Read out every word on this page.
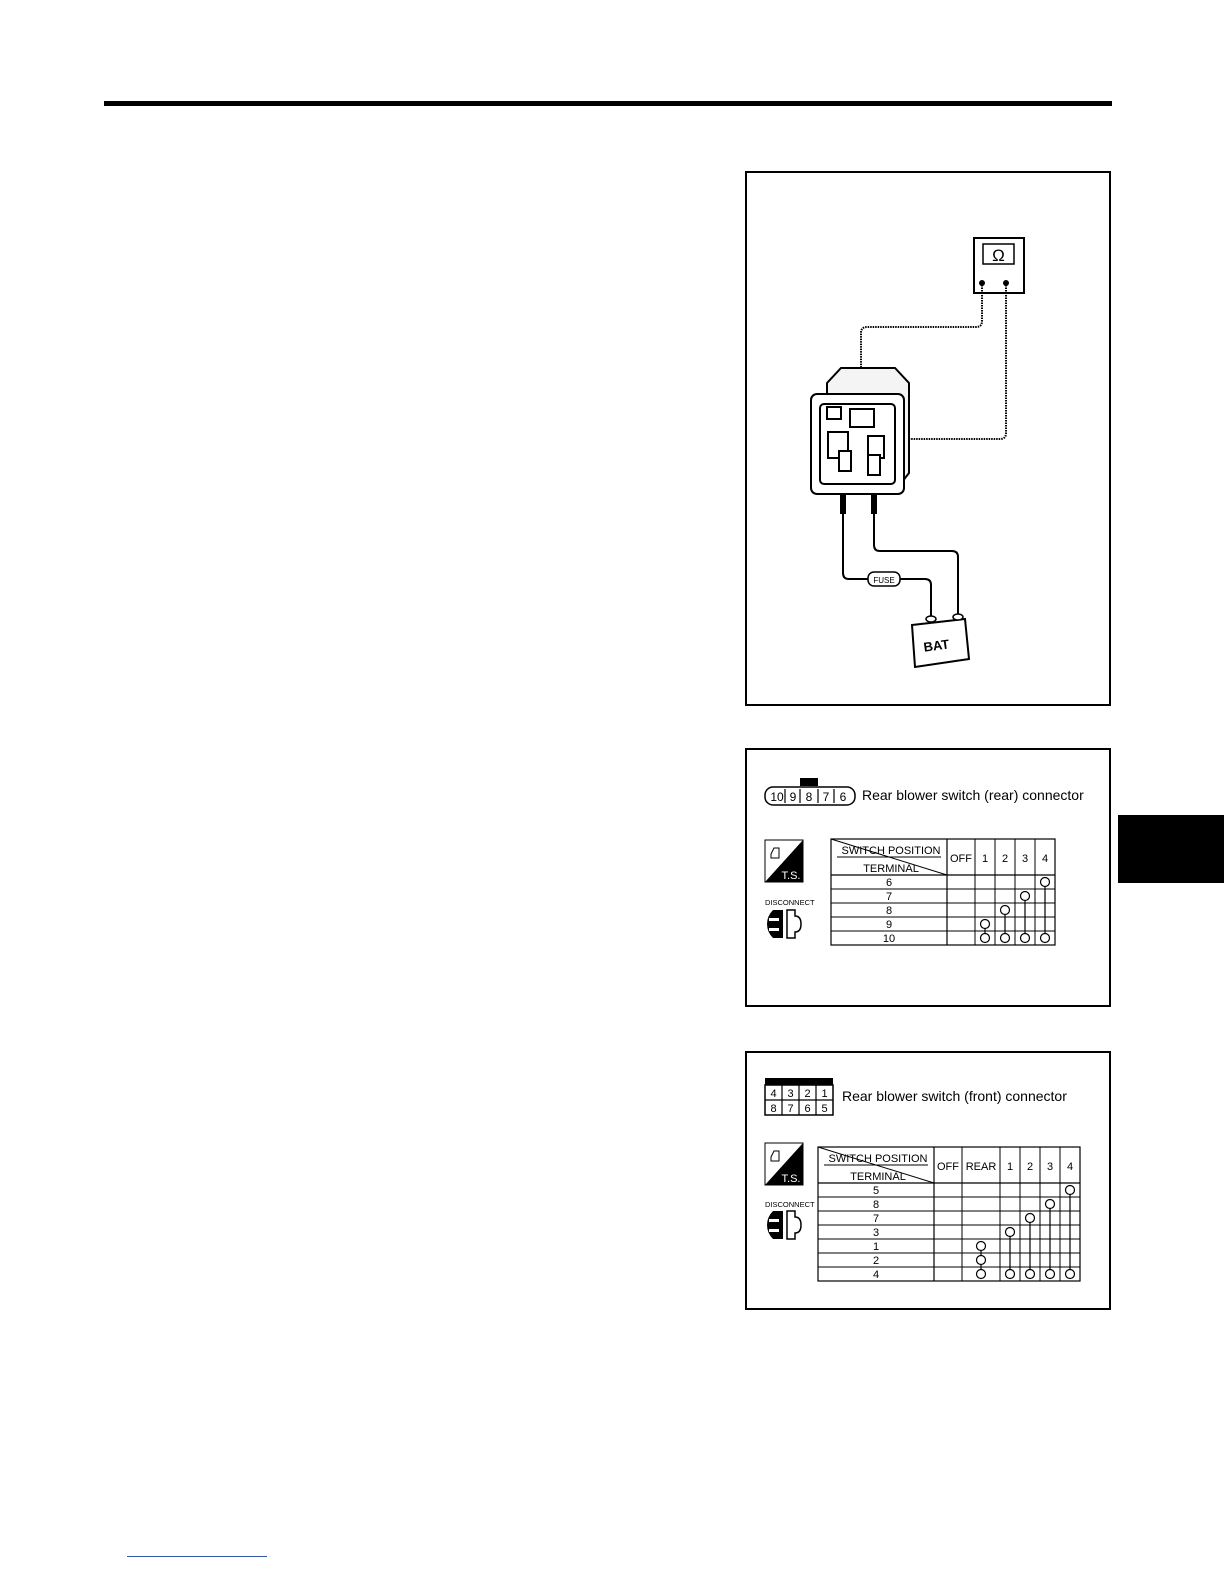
Ω
FUSE
BAT
10 9 8 7 6 Rear blower switch (rear) connector
T.S.
DISCONNECT
SWITCH POSITION
TERMINAL
OFF 1 2 3 4
6
7
8
9
10
4 3 2 1
8 7 6 5
Rear blower switch (front) connector
T.S.
DISCONNECT
SWITCH POSITION
TERMINAL
OFF REAR 1 2 3 4
5
8
7
3
1
2
4
